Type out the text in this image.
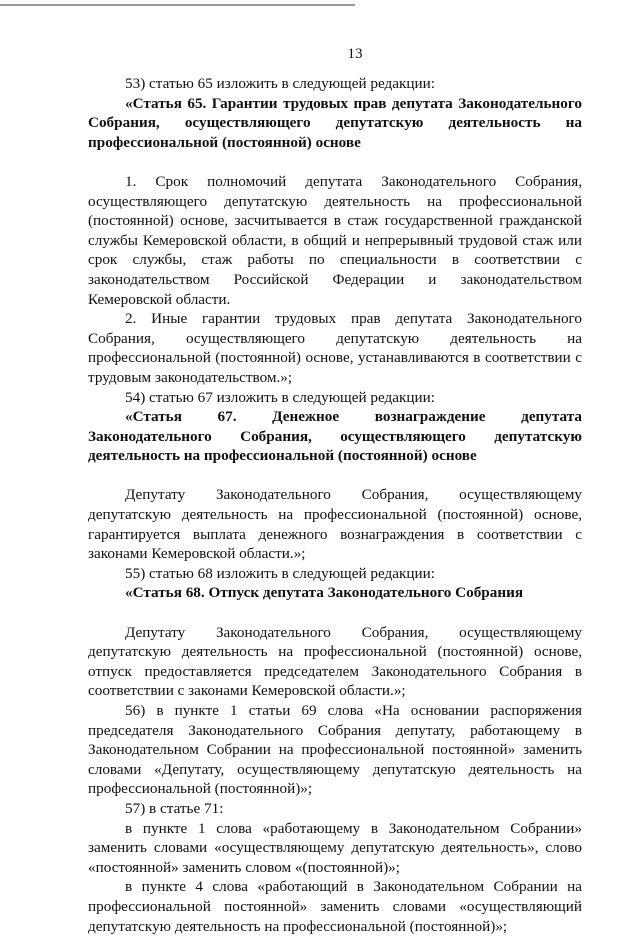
13

53) статью 65 изложить в следующей редакции:

«Статья 65. Гарантии трудовых прав депутата Законодательного Собрания, осуществляющего депутатскую деятельность на профессиональной (постоянной) основе

1. Срок полномочий депутата Законодательного Собрания, осуществляющего депутатскую деятельность на профессиональной (постоянной) основе, засчитывается в стаж государственной гражданской службы Кемеровской области, в общий и непрерывный трудовой стаж или срок службы, стаж работы по специальности в соответствии с законодательством Российской Федерации и законодательством Кемеровской области.

2. Иные гарантии трудовых прав депутата Законодательного Собрания, осуществляющего депутатскую деятельность на профессиональной (постоянной) основе, устанавливаются в соответствии с трудовым законодательством.»;

54) статью 67 изложить в следующей редакции:

«Статья 67. Денежное вознаграждение депутата Законодательного Собрания, осуществляющего депутатскую деятельность на профессиональной (постоянной) основе

Депутату Законодательного Собрания, осуществляющему депутатскую деятельность на профессиональной (постоянной) основе, гарантируется выплата денежного вознаграждения в соответствии с законами Кемеровской области.»;

55) статью 68 изложить в следующей редакции:

«Статья 68. Отпуск депутата Законодательного Собрания

Депутату Законодательного Собрания, осуществляющему депутатскую деятельность на профессиональной (постоянной) основе, отпуск предоставляется председателем Законодательного Собрания в соответствии с законами Кемеровской области.»;

56) в пункте 1 статьи 69 слова «На основании распоряжения председателя Законодательного Собрания депутату, работающему в Законодательном Собрании на профессиональной постоянной» заменить словами «Депутату, осуществляющему депутатскую деятельность на профессиональной (постоянной)»;

57) в статье 71:

в пункте 1 слова «работающему в Законодательном Собрании» заменить словами «осуществляющему депутатскую деятельность», слово «постоянной» заменить словом «(постоянной)»;

в пункте 4 слова «работающий в Законодательном Собрании на профессиональной постоянной» заменить словами «осуществляющий депутатскую деятельность на профессиональной (постоянной)»;
